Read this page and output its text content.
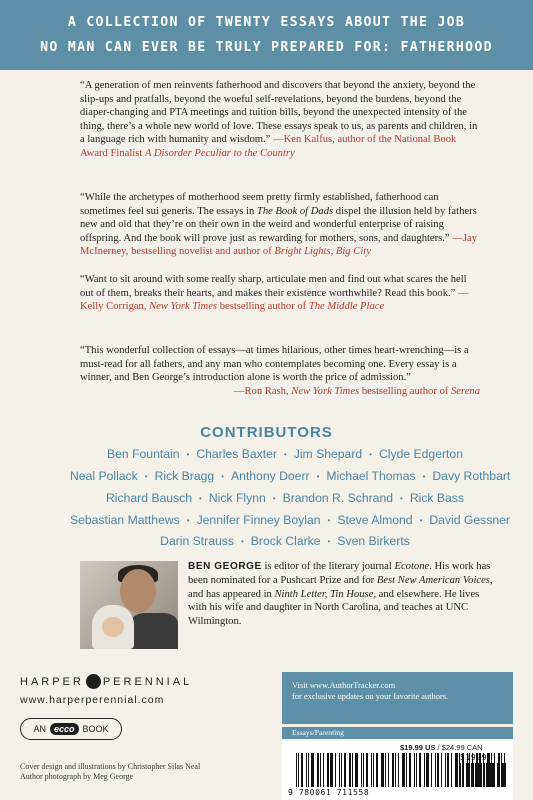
A COLLECTION OF TWENTY ESSAYS ABOUT THE JOB
NO MAN CAN EVER BE TRULY PREPARED FOR: FATHERHOOD
“A generation of men reinvents fatherhood and discovers that beyond the anxiety, beyond the slip-ups and pratfalls, beyond the woeful self-revelations, beyond the burdens, beyond the diaper-changing and PTA meetings and tuition bills, beyond the unexpected intensity of the thing, there’s a whole new world of love. These essays speak to us, as parents and children, in a language rich with humanity and wisdom.” —Ken Kalfus, author of the National Book Award Finalist A Disorder Peculiar to the Country
“While the archetypes of motherhood seem pretty firmly established, fatherhood can sometimes feel sui generis. The essays in The Book of Dads dispel the illusion held by fathers new and old that they’re on their own in the weird and wonderful enterprise of raising offspring. And the book will prove just as rewarding for mothers, sons, and daughters.” —Jay McInerney, bestselling novelist and author of Bright Lights, Big City
“Want to sit around with some really sharp, articulate men and find out what scares the hell out of them, breaks their hearts, and makes their existence worthwhile? Read this book.” —Kelly Corrigan, New York Times bestselling author of The Middle Place
“This wonderful collection of essays—at times hilarious, other times heart-wrenching—is a must-read for all fathers, and any man who contemplates becoming one. Every essay is a winner, and Ben George’s introduction alone is worth the price of admission.”
—Ron Rash, New York Times bestselling author of Serena
CONTRIBUTORS
Ben Fountain • Charles Baxter • Jim Shepard • Clyde Edgerton
Neal Pollack • Rick Bragg • Anthony Doerr • Michael Thomas • Davy Rothbart
Richard Bausch • Nick Flynn • Brandon R. Schrand • Rick Bass
Sebastian Matthews • Jennifer Finney Boylan • Steve Almond • David Gessner
Darin Strauss • Brock Clarke • Sven Birkerts
BEN GEORGE is editor of the literary journal Ecotone. His work has been nominated for a Pushcart Prize and for Best New American Voices, and has appeared in Ninth Letter, Tin House, and elsewhere. He lives with his wife and daughter in North Carolina, and teaches at UNC Wilmington.
HARPER PERENNIAL
www.harperperennial.com
AN ecco BOOK
Cover design and illustrations by Christopher Silas Neal
Author photograph by Meg George
Visit www.AuthorTracker.com
for exclusive updates on your favorite authors.
Essays/Parenting
$19.99 US / $24.99 CAN
51999
9 780061 711558
